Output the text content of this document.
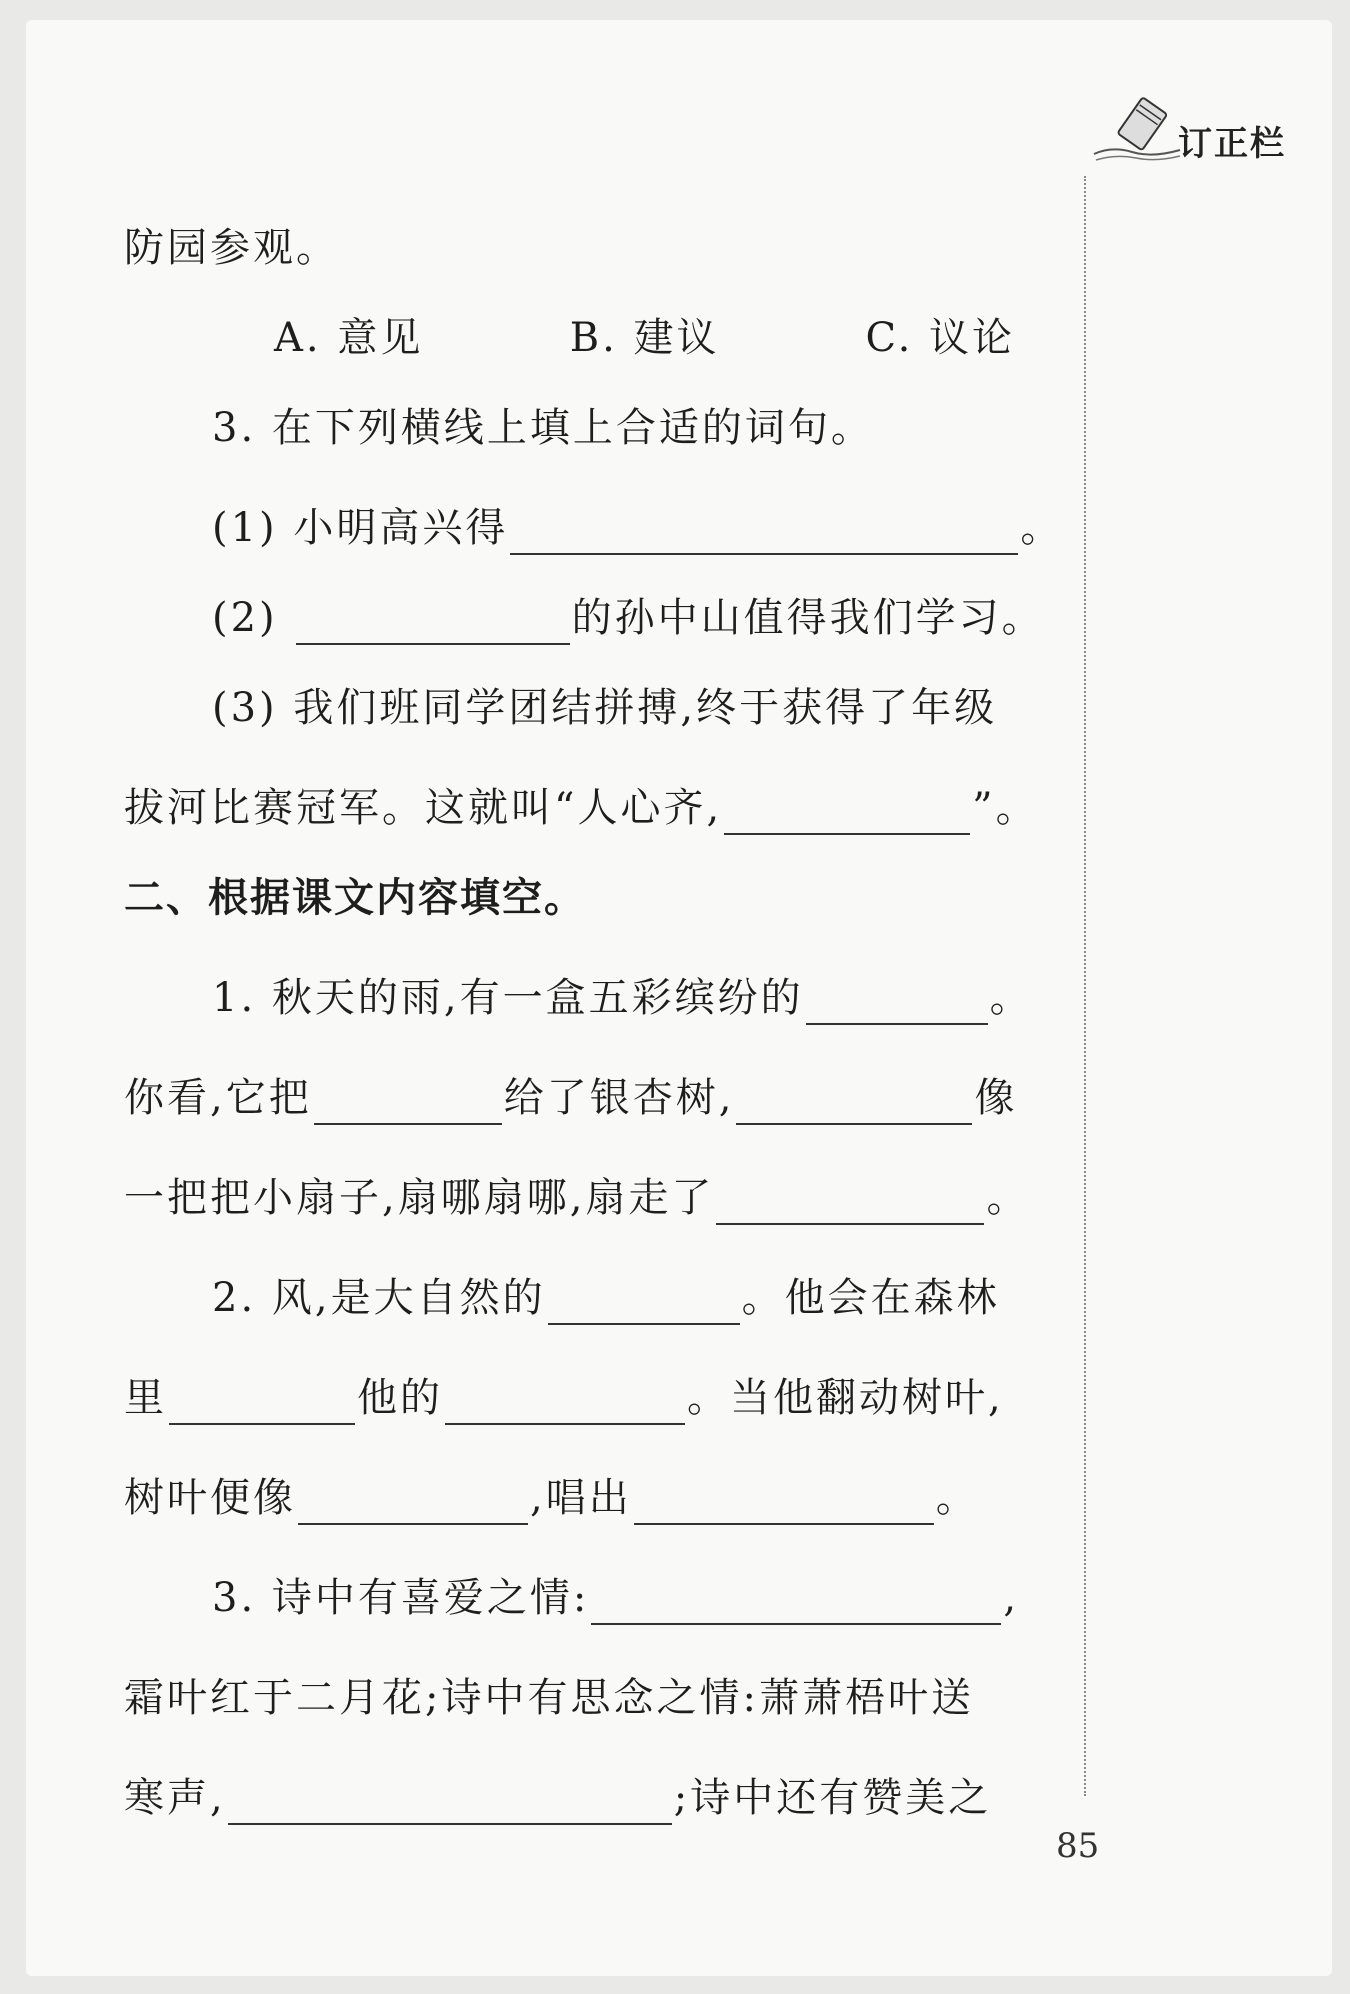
订正栏
防园参观。
A. 意见	B. 建议	C. 议论
3. 在下列横线上填上合适的词句。
(1) 小明高兴得	。
(2)	的孙中山值得我们学习。
(3) 我们班同学团结拼搏,终于获得了年级
拔河比赛冠军。这就叫“人心齐,	”。
二、根据课文内容填空。
1. 秋天的雨,有一盒五彩缤纷的	。
你看,它把	给了银杏树,	像
一把把小扇子,扇哪扇哪,扇走了	。
2. 风,是大自然的	。他会在森林
里	他的	。当他翻动树叶,
树叶便像	,唱出	。
3. 诗中有喜爱之情:	,
霜叶红于二月花;诗中有思念之情:萧萧梧叶送
寒声,	;诗中还有赞美之
85
